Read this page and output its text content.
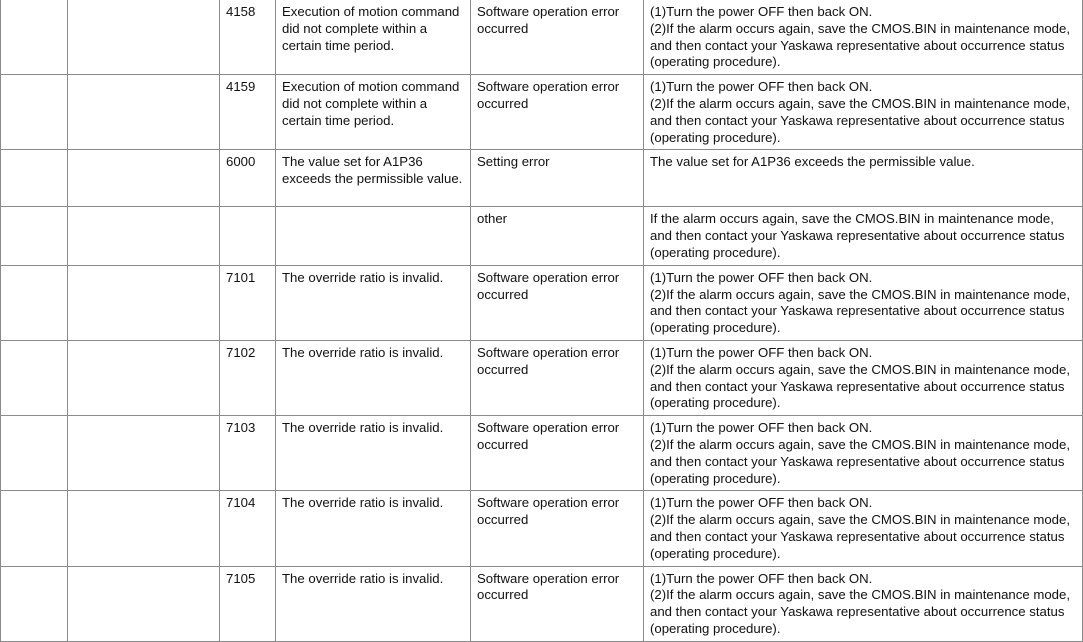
		4158	Execution of motion command did not complete within a certain time period.	Software operation error occurred	(1)Turn the power OFF then back ON.
(2)If the alarm occurs again, save the CMOS.BIN in maintenance mode, and then contact your Yaskawa representative about occurrence status (operating procedure).

		4159	Execution of motion command did not complete within a certain time period.	Software operation error occurred	(1)Turn the power OFF then back ON.
(2)If the alarm occurs again, save the CMOS.BIN in maintenance mode, and then contact your Yaskawa representative about occurrence status (operating procedure).

		6000	The value set for A1P36 exceeds the permissible value.	Setting error	The value set for A1P36 exceeds the permissible value.

				other	If the alarm occurs again, save the CMOS.BIN in maintenance mode, and then contact your Yaskawa representative about occurrence status (operating procedure).

		7101	The override ratio is invalid.	Software operation error occurred	(1)Turn the power OFF then back ON.
(2)If the alarm occurs again, save the CMOS.BIN in maintenance mode, and then contact your Yaskawa representative about occurrence status (operating procedure).

		7102	The override ratio is invalid.	Software operation error occurred	(1)Turn the power OFF then back ON.
(2)If the alarm occurs again, save the CMOS.BIN in maintenance mode, and then contact your Yaskawa representative about occurrence status (operating procedure).

		7103	The override ratio is invalid.	Software operation error occurred	(1)Turn the power OFF then back ON.
(2)If the alarm occurs again, save the CMOS.BIN in maintenance mode, and then contact your Yaskawa representative about occurrence status (operating procedure).

		7104	The override ratio is invalid.	Software operation error occurred	(1)Turn the power OFF then back ON.
(2)If the alarm occurs again, save the CMOS.BIN in maintenance mode, and then contact your Yaskawa representative about occurrence status (operating procedure).

		7105	The override ratio is invalid.	Software operation error occurred	(1)Turn the power OFF then back ON.
(2)If the alarm occurs again, save the CMOS.BIN in maintenance mode, and then contact your Yaskawa representative about occurrence status (operating procedure).
